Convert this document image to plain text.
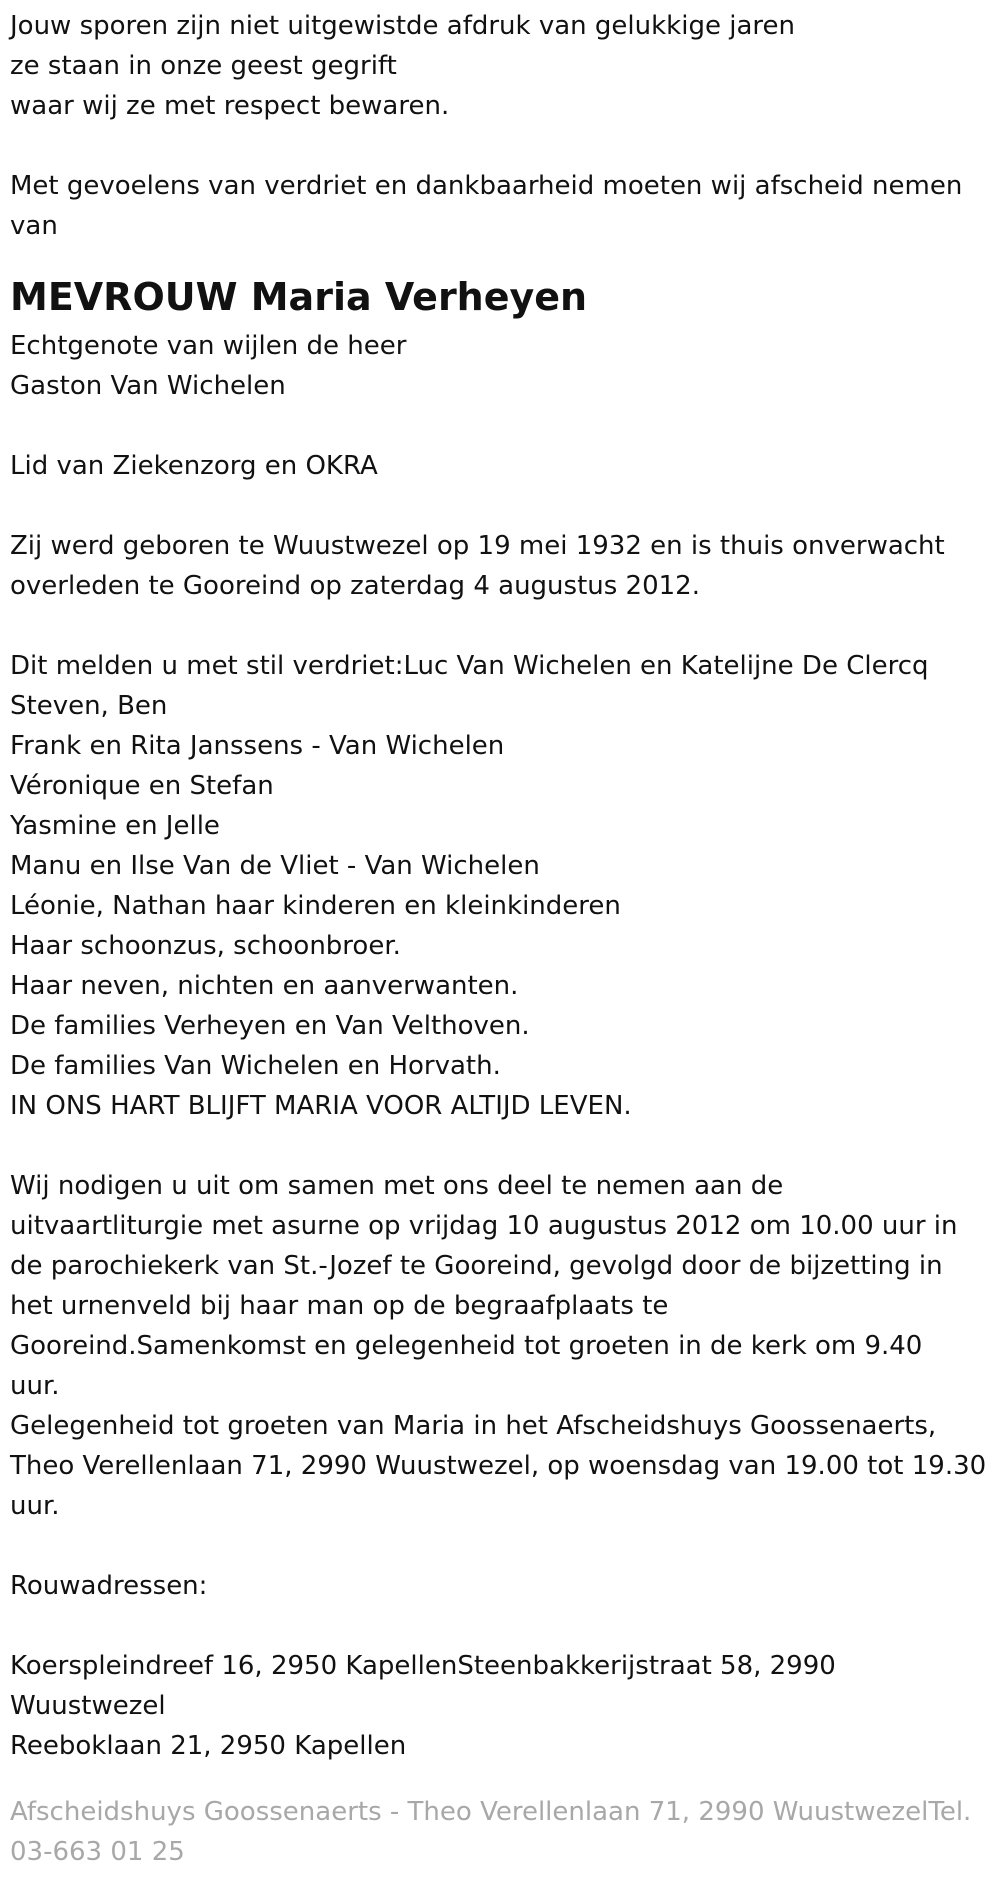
Jouw sporen zijn niet uitgewistde afdruk van gelukkige jaren
ze staan in onze geest gegrift
waar wij ze met respect bewaren.
Met gevoelens van verdriet en dankbaarheid moeten wij afscheid nemen
van
MEVROUW Maria Verheyen
Echtgenote van wijlen de heer
Gaston Van Wichelen
Lid van Ziekenzorg en OKRA
Zij werd geboren te Wuustwezel op 19 mei 1932 en is thuis onverwacht
overleden te Gooreind op zaterdag 4 augustus 2012.
Dit melden u met stil verdriet:Luc Van Wichelen en Katelijne De Clercq
Steven, Ben
Frank en Rita Janssens - Van Wichelen
Véronique en Stefan
Yasmine en Jelle
Manu en Ilse Van de Vliet - Van Wichelen
Léonie, Nathan haar kinderen en kleinkinderen
Haar schoonzus, schoonbroer.
Haar neven, nichten en aanverwanten.
De families Verheyen en Van Velthoven.
De families Van Wichelen en Horvath.
IN ONS HART BLIJFT MARIA VOOR ALTIJD LEVEN.
Wij nodigen u uit om samen met ons deel te nemen aan de
uitvaartliturgie met asurne op vrijdag 10 augustus 2012 om 10.00 uur in
de parochiekerk van St.-Jozef te Gooreind, gevolgd door de bijzetting in
het urnenveld bij haar man op de begraafplaats te
Gooreind.Samenkomst en gelegenheid tot groeten in de kerk om 9.40
uur.
Gelegenheid tot groeten van Maria in het Afscheidshuys Goossenaerts,
Theo Verellenlaan 71, 2990 Wuustwezel, op woensdag van 19.00 tot 19.30
uur.
Rouwadressen:
Koerspleindreef 16, 2950 KapellenSteenbakkerijstraat 58, 2990
Wuustwezel
Reeboklaan 21, 2950 Kapellen
Afscheidshuys Goossenaerts - Theo Verellenlaan 71, 2990 WuustwezelTel.
03-663 01 25
